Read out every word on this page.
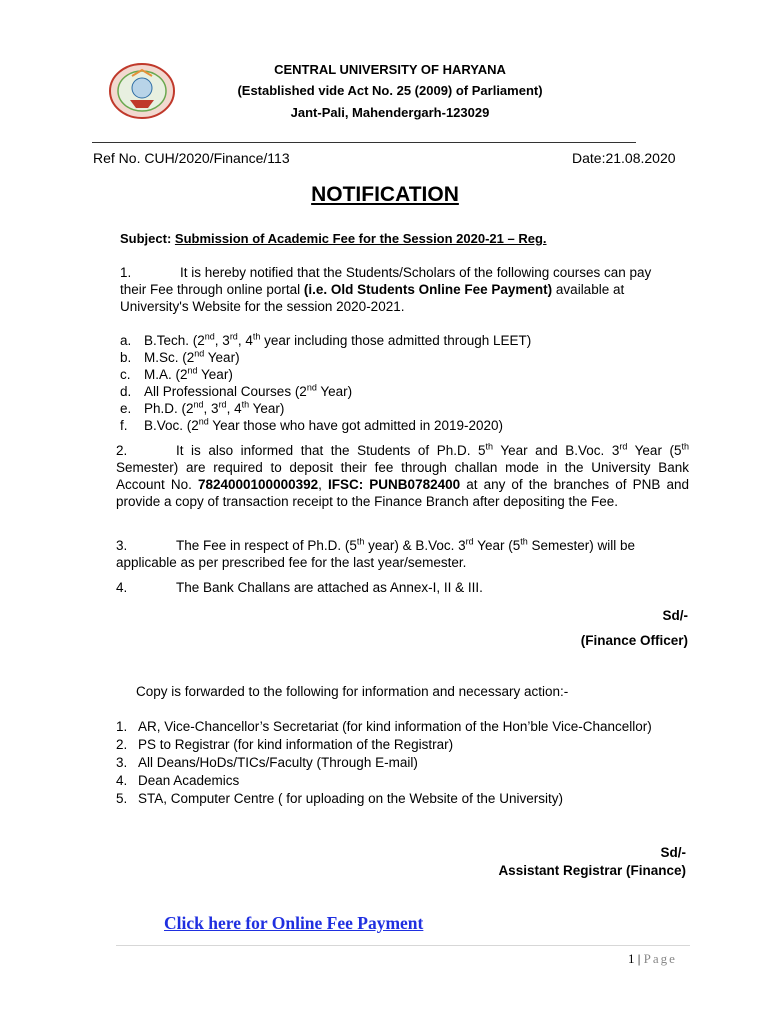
CENTRAL UNIVERSITY OF HARYANA
(Established vide Act No. 25 (2009) of Parliament)
Jant-Pali, Mahendergarh-123029
Ref No. CUH/2020/Finance/113	Date:21.08.2020
NOTIFICATION
Subject: Submission of Academic Fee for the Session 2020-21 – Reg.
1.	It is hereby notified that the Students/Scholars of the following courses can pay their Fee through online portal (i.e. Old Students Online Fee Payment) available at University's Website for the session 2020-2021.
a. B.Tech. (2nd, 3rd, 4th year including those admitted through LEET)
b. M.Sc. (2nd Year)
c. M.A. (2nd Year)
d. All Professional Courses (2nd Year)
e. Ph.D. (2nd, 3rd, 4th Year)
f.	B.Voc. (2nd Year those who have got admitted in 2019-2020)
2.	It is also informed that the Students of Ph.D. 5th Year and B.Voc. 3rd Year (5th Semester) are required to deposit their fee through challan mode in the University Bank Account No. 7824000100000392, IFSC: PUNB0782400 at any of the branches of PNB and provide a copy of transaction receipt to the Finance Branch after depositing the Fee.
3.	The Fee in respect of Ph.D. (5th year) & B.Voc. 3rd Year (5th Semester) will be applicable as per prescribed fee for the last year/semester.
4.	The Bank Challans are attached as Annex-I, II & III.
Sd/-
(Finance Officer)
Copy is forwarded to the following for information and necessary action:-
1. AR, Vice-Chancellor’s Secretariat (for kind information of the Hon’ble Vice-Chancellor)
2. PS to Registrar (for kind information of the Registrar)
3. All Deans/HoDs/TICs/Faculty (Through E-mail)
4. Dean Academics
5. STA, Computer Centre ( for uploading on the Website of the University)
Sd/-
Assistant Registrar (Finance)
Click here for Online Fee Payment
1 | Page
